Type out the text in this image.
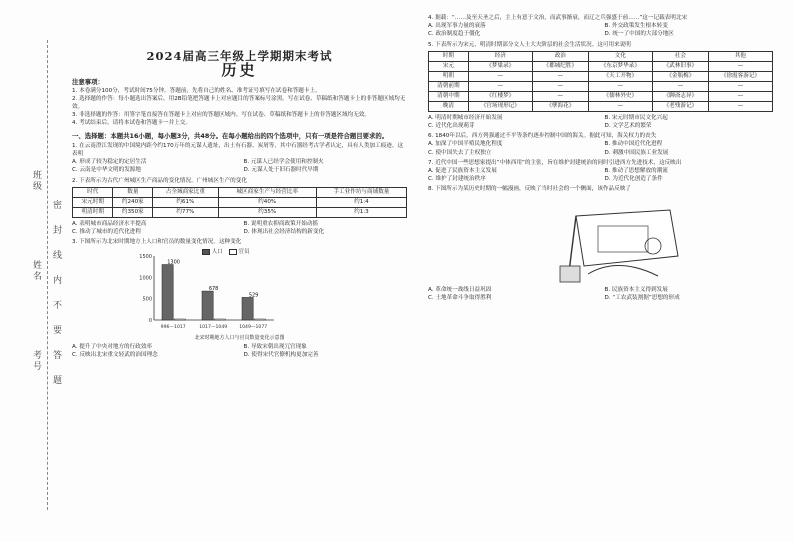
班级
姓名
考号
密
封
线
内
不
要
答
题
2024届高三年级上学期期末考试
历史
注意事项：

1. 本卷满分100分，考试时间75分钟。答题前，先将自己的姓名、准考证号填写在试卷和答题卡上。

2. 选择题的作答：每小题选出答案后，用2B铅笔把答题卡上对应题目的答案标号涂黑。写在试卷、草稿纸和答题卡上的非答题区域均无效。

3. 非选择题的作答：用签字笔直接答在答题卡上对应的答题区域内。写在试卷、草稿纸和答题卡上的非答题区域均无效。

4. 考试结束后，请将本试卷和答题卡一并上交。

一、选择题：本题共16小题，每小题3分，共48分。在每小题给出的四个选项中，只有一项是符合题目要求的。

1. 在云南澄江发现的中国境内距今约170万年的元谋人遗址，出土有石器、炭屑等，其中石器经考古学者认定，具有人类加工痕迹。这表明

A. 形成了较为稳定的定居生活	B. 元谋人已经学会使用和控制火
C. 云南是中华文明的发源地	D. 元谋人处于旧石器时代早期

2. 下表所示为古代广州城区生产商品的变化情况。广州城区生产的变化

时代	数量	占全城商家比重	城区商家生产与经营比率	手工业作坊与商铺数量
宋元时期	约240家	约61%	约40%	约1:4
明清时期	约350家	约77%	约35%	约1:3
A. 表明城市商品经济水平提高	B. 说明重农抑商政策开始动摇
C. 推动了城市的近代化进程	D. 体现出社会经济结构的新变化

3. 下图所示为北宋时期地方上人口和官员的数量变化情况。这种变化

人口	官员
1500
1000
500
0
1300
996—1017
678
1017—1049
529
1049—1077

北宋时期地方人口与官员数量变化示意图

A. 提升了中央对地方的行政效率	B. 导致宋朝出现冗官现象
C. 反映出北宋重文轻武的治国理念	D. 使得宋代官僚机构更加完善

4. 据载：“……及至天圣之后，主上有意于文治，而武事渐衰，而辽之兵强盛于前……”这一记载表明北宋

A. 出现军事力量的衰落	B. 外交政策发生根本转变
C. 政治制度趋于僵化	D. 统一了中国的大部分地区

5. 下表所示为宋元、明清时期部分文人士大夫阶层的社会生活状况。这可用来说明

时期	经济	政治	文化	社会	其他
宋元	《梦粱录》	《都城纪胜》	《东京梦华录》	《武林旧事》	—
明朝	—	—	《天工开物》	《金瓶梅》	《徐霞客游记》
清朝前期	—	—	—	—	—
清朝中期	《红楼梦》	—	《儒林外史》	《聊斋志异》	—
晚清	《官场现形记》	《孽海花》	—	《老残游记》	—
A. 明清时期城市经济开始发展	B. 宋元时期市民文化兴起
C. 近代化出现萌芽	D. 文学艺术的繁荣

6. 1840年以后，西方列强通过不平等条约逐步控制中国的海关。据此可知，海关权力的丧失

A. 加深了中国半殖民地化程度	B. 推动中国近代化进程
C. 使中国失去了主权独立	D. 刺激中国民族工业发展

7. 近代中国一些思想家提出“中体西用”的主张，旨在维护封建统治的同时引进西方先进技术，这反映出

A. 促进了民族资本主义发展	B. 推动了思想解放的潮流
C. 维护了封建统治秩序	D. 为近代化创造了条件

8. 下图所示为某历史时期的一幅漫画，反映了当时社会的一个侧面，该作品反映了

A. 革命统一战线日益巩固	B. 民族资本主义得到发展
C. 土地革命斗争取得胜利	D. “工农武装割据”思想的形成
